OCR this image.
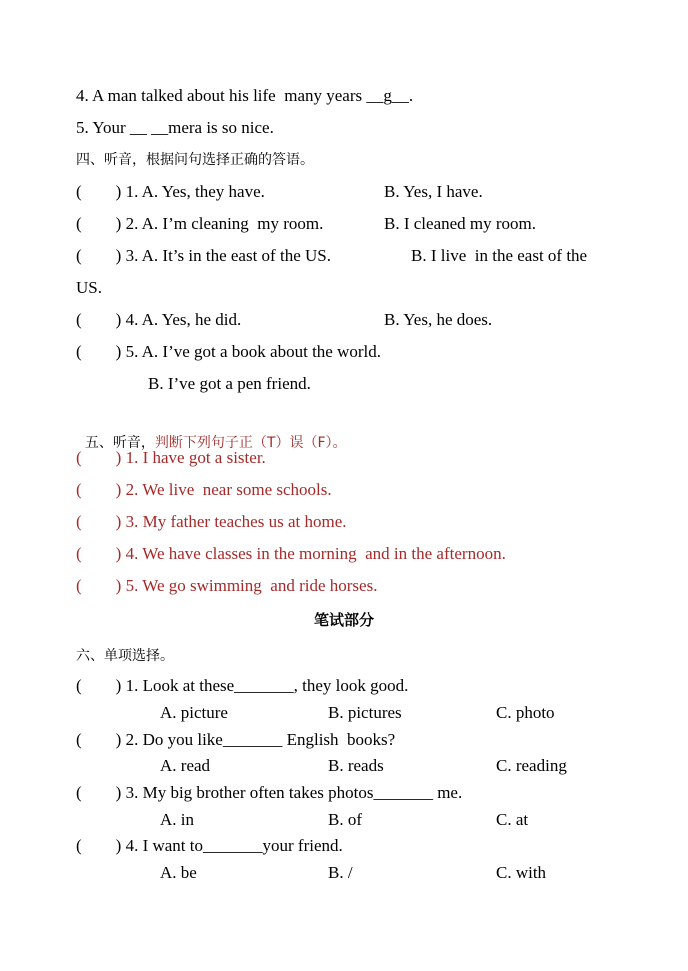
4. A man talked about his life  many years __g__.
5. Your __ __mera is so nice.
四、听音，根据问句选择正确的答语。
(        ) 1. A. Yes, they have.	B. Yes, I have.
(        ) 2. A. I’m cleaning  my room.	B. I cleaned my room.
(        ) 3. A. It’s in the east of the US.	B. I live  in the east of the
US.
(        ) 4. A. Yes, he did.	B. Yes, he does.
(        ) 5. A. I’ve got a book about the world.
B. I’ve got a pen friend.

五、听音，判断下列句子正（T）误（F）。

(        ) 1. I have got a sister.
(        ) 2. We live  near some schools.
(        ) 3. My father teaches us at home.
(        ) 4. We have classes in the morning  and in the afternoon.
(        ) 5. We go swimming  and ride horses.
笔试部分
六、单项选择。
(        ) 1. Look at these_______, they look good.
A. picture	B. pictures	C. photo
(        ) 2. Do you like_______ English  books?
A. read	B. reads	C. reading
(        ) 3. My big brother often takes photos_______ me.
A. in	B. of	C. at
(        ) 4. I want to_______your friend.
A. be	B. /	C. with
